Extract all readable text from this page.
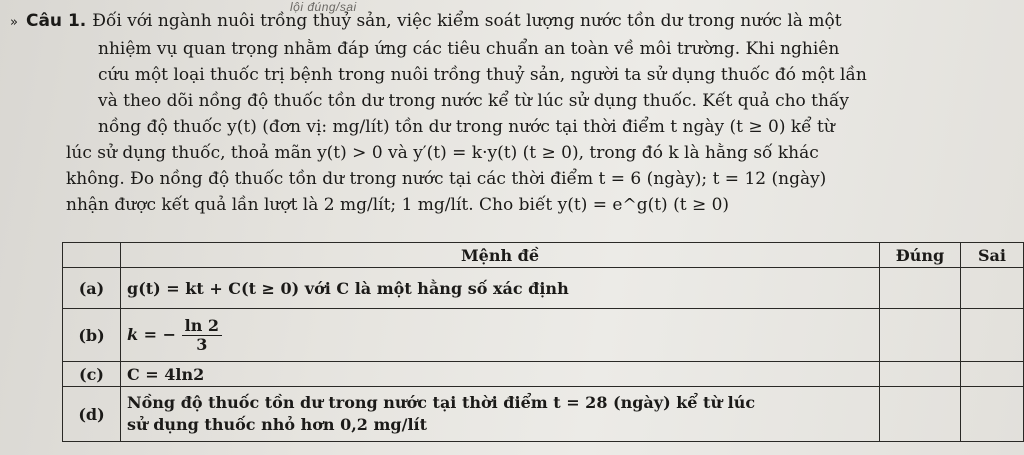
lội đúng/sai
» Câu 1. Đối với ngành nuôi trồng thuỷ sản, việc kiểm soát lượng nước tồn dư trong nước là một
nhiệm vụ quan trọng nhằm đáp ứng các tiêu chuẩn an toàn về môi trường. Khi nghiên
cứu một loại thuốc trị bệnh trong nuôi trồng thuỷ sản, người ta sử dụng thuốc đó một lần
và theo dõi nồng độ thuốc tồn dư trong nước kể từ lúc sử dụng thuốc. Kết quả cho thấy
nồng độ thuốc y(t) (đơn vị: mg/lít) tồn dư trong nước tại thời điểm t ngày (t ≥ 0) kể từ
lúc sử dụng thuốc, thoả mãn y(t) > 0 và y′(t) = k·y(t) (t ≥ 0), trong đó k là hằng số khác
không. Đo nồng độ thuốc tồn dư trong nước tại các thời điểm t = 6 (ngày); t = 12 (ngày)
nhận được kết quả lần lượt là 2 mg/lít; 1 mg/lít. Cho biết y(t) = e^g(t) (t ≥ 0)
	Mệnh đề	Đúng	Sai
(a)	g(t) = kt + C(t ≥ 0) với C là một hằng số xác định		
(b)	k = − $\frac{\ln 2}{3}$

(c)	C = 4ln2		
(d)	Nồng độ thuốc tồn dư trong nước tại thời điểm t = 28 (ngày) kể từ lúc
sử dụng thuốc nhỏ hơn 0,2 mg/lít		
